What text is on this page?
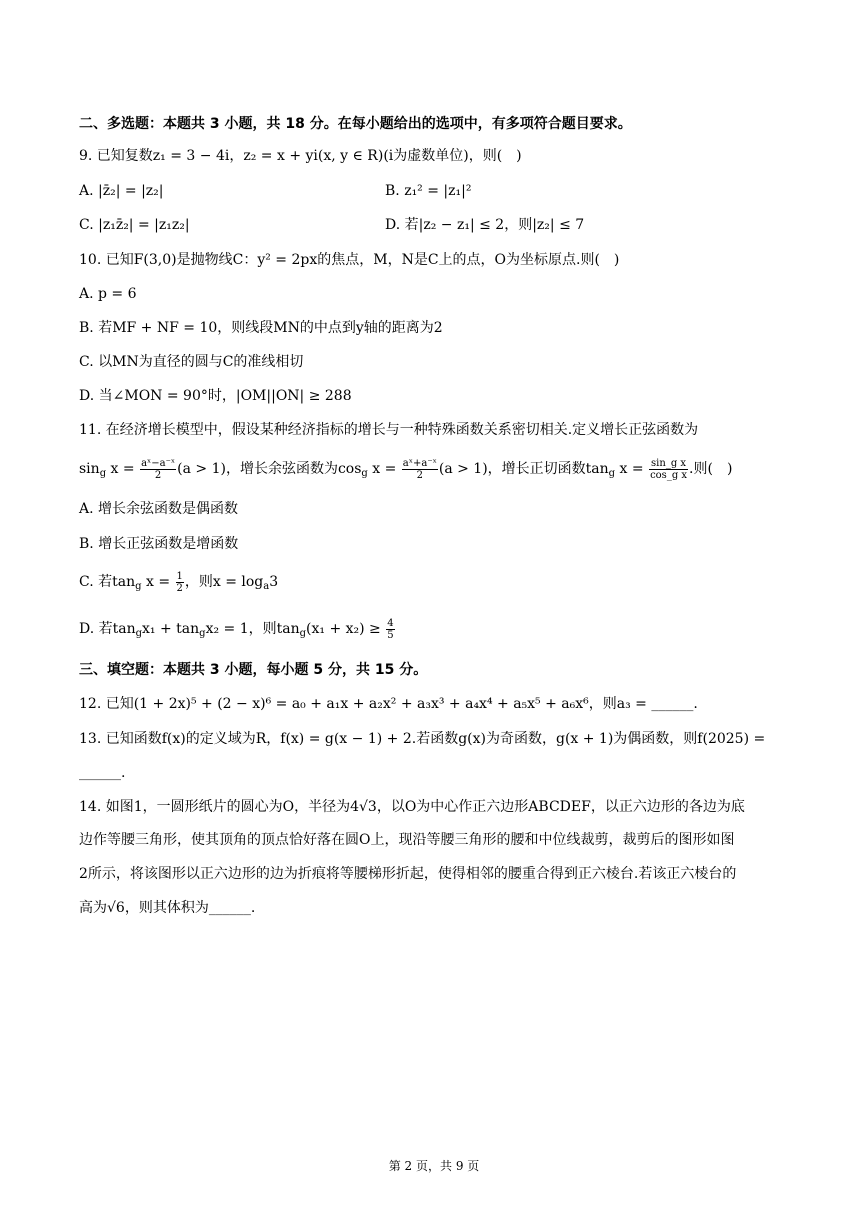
二、多选题：本题共 3 小题，共 18 分。在每小题给出的选项中，有多项符合题目要求。
9. 已知复数z₁ = 3 − 4i，z₂ = x + yi(x, y ∈ R)(i为虚数单位)，则(　)
A. |z̄₂| = |z₂|	B. z₁² = |z₁|²
C. |z₁z̄₂| = |z₁z₂|	D. 若|z₂ − z₁| ≤ 2，则|z₂| ≤ 7
10. 已知F(3,0)是抛物线C：y² = 2px的焦点，M，N是C上的点，O为坐标原点.则(　)
A. p = 6
B. 若MF + NF = 10，则线段MN的中点到y轴的距离为2
C. 以MN为直径的圆与C的准线相切
D. 当∠MON = 90°时，|OM||ON| ≥ 288
11. 在经济增长模型中，假设某种经济指标的增长与一种特殊函数关系密切相关.定义增长正弦函数为
$\sin_g x = \frac{\text{aˣ−a⁻ˣ}}{2} (a > 1)$，增长余弦函数为$\cos_g x = \frac{\text{aˣ+a⁻ˣ}}{2} (a > 1)$，增长正切函数$\tan_g x = \frac{\text{sin\_g x}}{\text{cos\_g x}}$ .则(　)
A. 增长余弦函数是偶函数
B. 增长正弦函数是增函数
C. 若$\tan_g x = \frac{1}{2}$ ，则$x = \log_a3$
D. 若$\tan_gx_1 + \tan_gx_2 = 1$，则$\tan_g(x_1 + x_2) \ge \frac{4}{5}$
三、填空题：本题共 3 小题，每小题 5 分，共 15 分。
12. 已知(1 + 2x)⁵ + (2 − x)⁶ = a₀ + a₁x + a₂x² + a₃x³ + a₄x⁴ + a₅x⁵ + a₆x⁶，则a₃ = ______.
13. 已知函数f(x)的定义域为R，f(x) = g(x − 1) + 2.若函数g(x)为奇函数，g(x + 1)为偶函数，则f(2025) =
______.
14. 如图1，一圆形纸片的圆心为O，半径为4√3，以O为中心作正六边形ABCDEF，以正六边形的各边为底
边作等腰三角形，使其顶角的顶点恰好落在圆O上，现沿等腰三角形的腰和中位线裁剪，裁剪后的图形如图
2所示，将该图形以正六边形的边为折痕将等腰梯形折起，使得相邻的腰重合得到正六棱台.若该正六棱台的
高为√6，则其体积为______.
第 2 页，共 9 页
